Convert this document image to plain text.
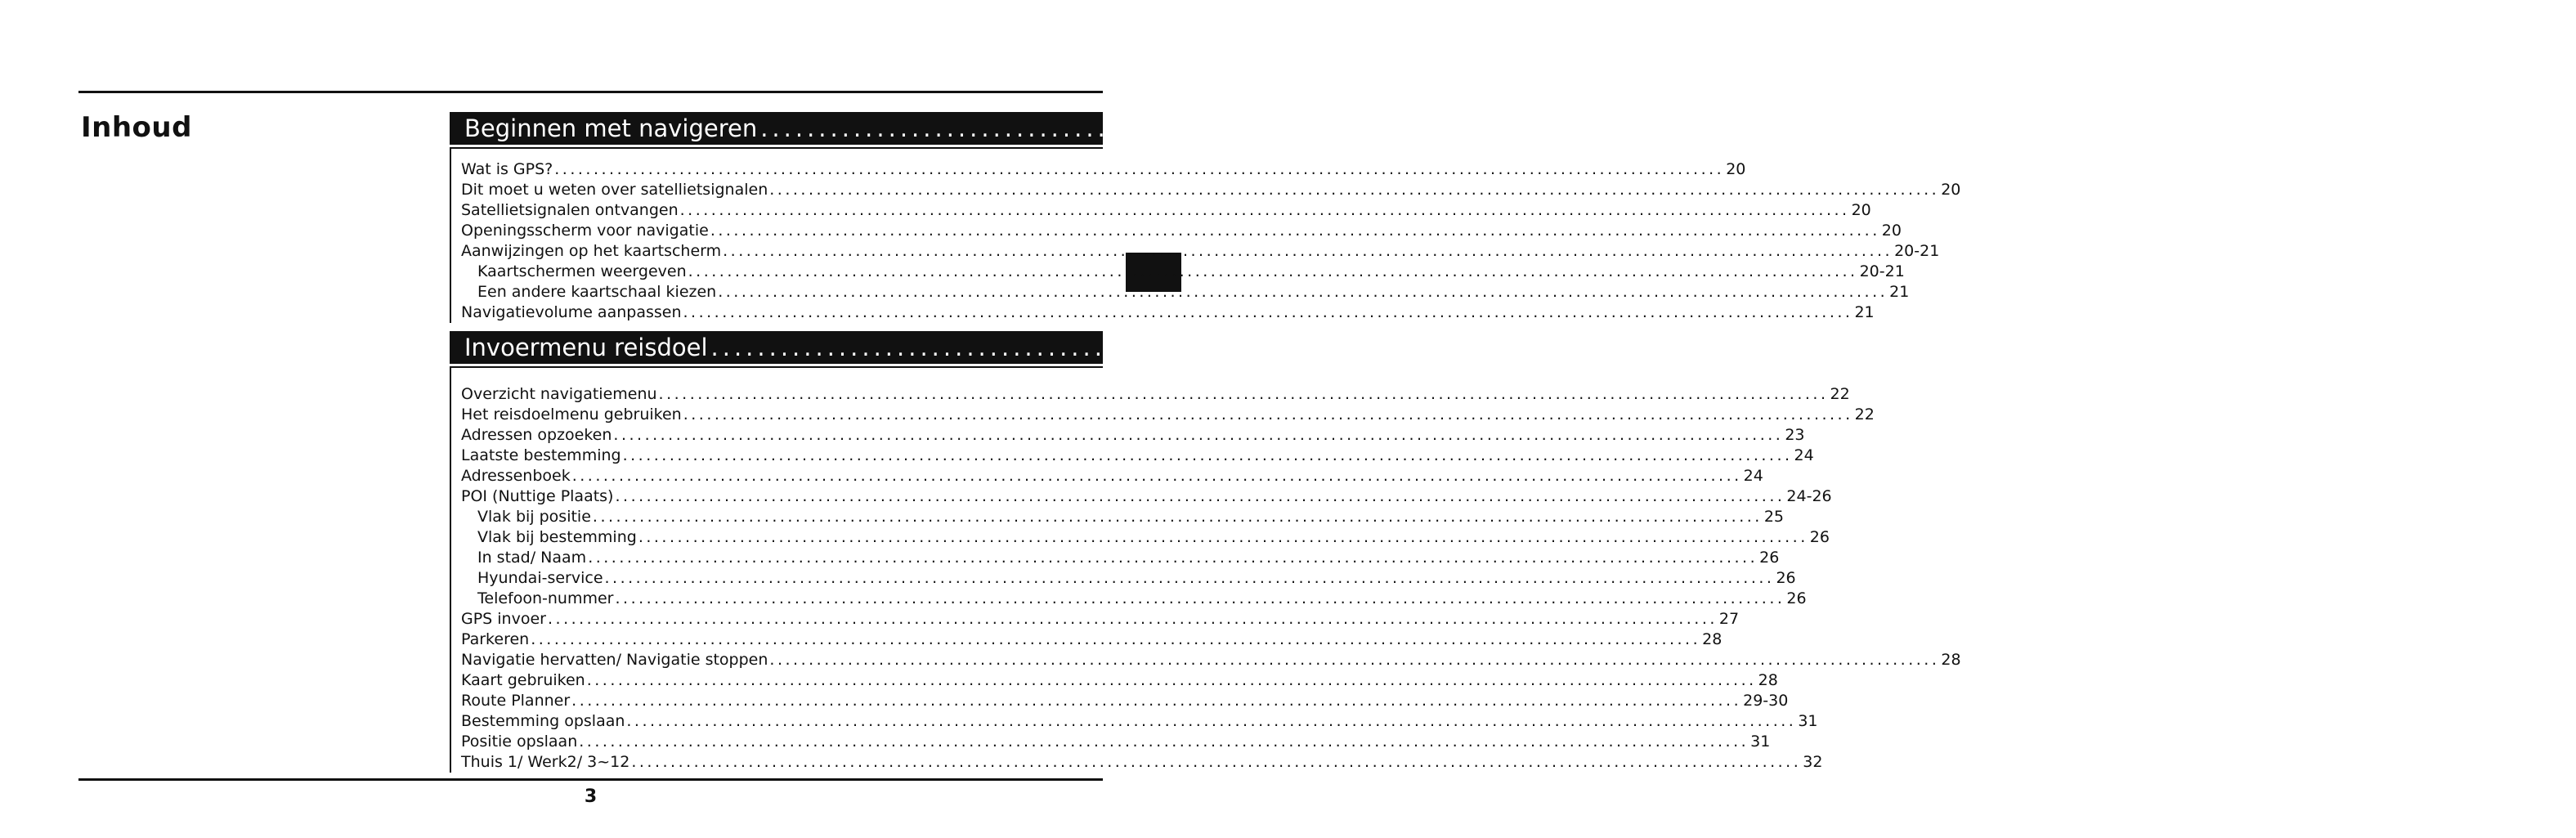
Inhoud	Beginnen met navigeren ...................................................................................................................................................... 20-21
Wat is GPS? ...................................................................................................................................................... 20
Dit moet u weten over satellietsignalen ...................................................................................................................................................... 20
Satellietsignalen ontvangen ...................................................................................................................................................... 20
Openingsscherm voor navigatie ...................................................................................................................................................... 20
Aanwijzingen op het kaartscherm ...................................................................................................................................................... 20-21
Kaartschermen weergeven ...................................................................................................................................................... 20-21
Een andere kaartschaal kiezen ...................................................................................................................................................... 21
Navigatievolume aanpassen ...................................................................................................................................................... 21
Invoermenu reisdoel ...................................................................................................................................................... 22-32
Overzicht navigatiemenu ...................................................................................................................................................... 22
Het reisdoelmenu gebruiken ...................................................................................................................................................... 22
Adressen opzoeken ...................................................................................................................................................... 23
Laatste bestemming ...................................................................................................................................................... 24
Adressenboek ...................................................................................................................................................... 24
POI (Nuttige Plaats) ...................................................................................................................................................... 24-26
Vlak bij positie ...................................................................................................................................................... 25
Vlak bij bestemming ...................................................................................................................................................... 26
In stad/ Naam ...................................................................................................................................................... 26
Hyundai-service ...................................................................................................................................................... 26
Telefoon-nummer ...................................................................................................................................................... 26
GPS invoer ...................................................................................................................................................... 27
Parkeren ...................................................................................................................................................... 28
Navigatie hervatten/ Navigatie stoppen ...................................................................................................................................................... 28
Kaart gebruiken ...................................................................................................................................................... 28
Route Planner ...................................................................................................................................................... 29-30
Bestemming opslaan ...................................................................................................................................................... 31
Positie opslaan ...................................................................................................................................................... 31
Thuis 1/ Werk2/ 3~12 ...................................................................................................................................................... 32
3
